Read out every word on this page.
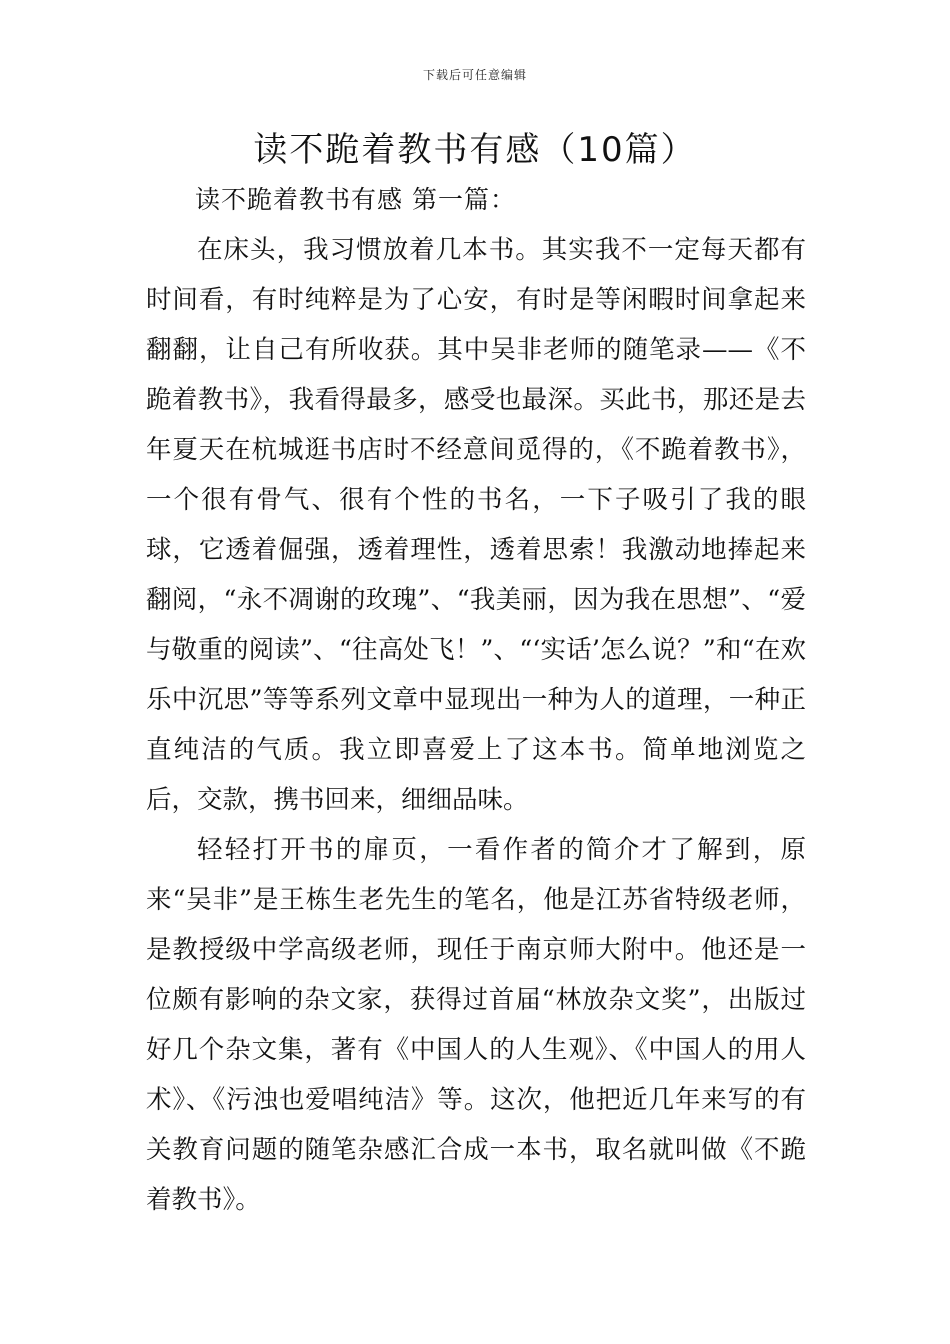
下载后可任意编辑
读不跪着教书有感（10篇）
读不跪着教书有感 第一篇：

在床头，我习惯放着几本书。其实我不一定每天都有时间看，有时纯粹是为了心安，有时是等闲暇时间拿起来翻翻，让自己有所收获。其中吴非老师的随笔录——《不跪着教书》，我看得最多，感受也最深。买此书，那还是去年夏天在杭城逛书店时不经意间觅得的，《不跪着教书》，一个很有骨气、很有个性的书名，一下子吸引了我的眼球，它透着倔强，透着理性，透着思索！我激动地捧起来翻阅，“永不凋谢的玫瑰”、“我美丽，因为我在思想”、“爱与敬重的阅读”、“往高处飞！”、“‘实话’怎么说？”和“在欢乐中沉思”等等系列文章中显现出一种为人的道理，一种正直纯洁的气质。我立即喜爱上了这本书。简单地浏览之后，交款，携书回来，细细品味。

轻轻打开书的扉页，一看作者的简介才了解到，原来“吴非”是王栋生老先生的笔名，他是江苏省特级老师，是教授级中学高级老师，现任于南京师大附中。他还是一位颇有影响的杂文家，获得过首届“林放杂文奖”，出版过好几个杂文集，著有《中国人的人生观》、《中国人的用人术》、《污浊也爱唱纯洁》等。这次，他把近几年来写的有关教育问题的随笔杂感汇合成一本书，取名就叫做《不跪着教书》。
